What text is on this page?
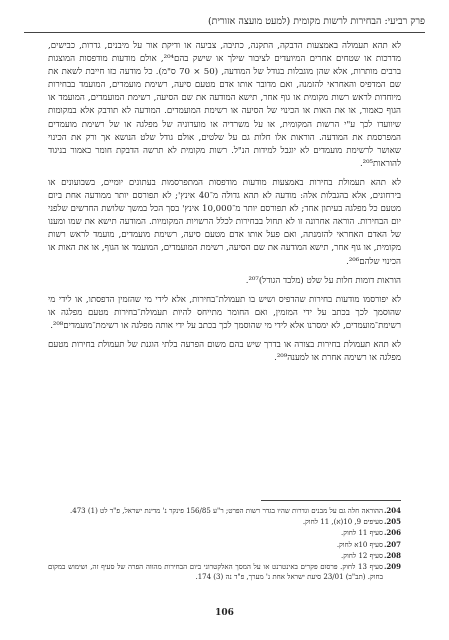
פרק רביעי: הבחירות לרשות מקומית (למעט מועצה אזורית)

לא תהא תעמולה באמצעות הדבקה, התקנה, כתיבה, צביעה או ודיקת אור על מיבנים, גדרות, כבישים, מדרכות או שטחים אחרים המיועדים לציבור שילך או שישק בהם²⁰⁴, אולם מודעות מודפסות המוצגות ברבים מותרות, אלא שהן מוגבלות בגודל של המודעה, (50 × 70 ס"מ). כל מודעה כזו חייבת לשאת את שם המדפיס והאחראי להזמנה, ואם מדובר אותו אדם מטעם סיעה, רשימת מועמדים, המועמד בבחירות מיוחדות לראש רשות מקומית או גוף אחר, תישא המודעה את שם הסיעה, רשימת המועמדים, המועמד או הגוף כאמור, או את האות או הכינוי של הסיעה או רשימת המועמדים. המודעה לא תודבק אלא במקומות שיוועדו לכך ע"י הרשות המקומית, או על משרדיה או מועדוניה של מפלגה או של רשימת מועמדים המפרסמת את המודעה. הוראות אלו חלות גם על שלטים, אולם גודל שלט הנושא אך ורק את הכינוי שאושר לרשימת מועמדים לא יוגבל למידות הנ"ל. רשות מקומית לא תרשה הדבקת חומר כאמור בניגוד להוראות²⁰⁵.

לא תהא תעמולת בחירות באמצעות מודעות מודפסות המתפרסמות בעתונים יומיים, בשבועונים או בירחונים, אלא בהגבלות אלה: מודעה לא תהא גדולה מ־40 אינץ'; לא תפורסם יותר ממודעה אחת ביום מטעם כל מפלגה בעיתון אחד; לא תפורסם יותר מ־10,000 אינץ' בסך הכל במשך שלושת החדשים שלפני יום הבחירות. הוראה אחרונה זו לא תחול בבחירות לכלל הרשויות המקומיות. המודעה תישא את שמו ומענו של האדם האחראי להזמנתה, ואם פעל אותו אדם מטעם סיעה, רשימת מועמדים, מועמד לראש רשות מקומית, או גוף אחר, תישא המודעה את שם הסיעה, רשימת המועמדים, המועמד או הגוף, או את האות או הכינוי שלהם²⁰⁶.

הוראות דומות חלות על שלט (מלבד הגודל)²⁰⁷.

לא יפורסמו מודעות בחירות שהדפיס ושיש בו תעמולת־בחירות, אלא לידי מי שהזמין הדפסתו, או לידי מי שהוסמך לכך בכתב על ידי המזמין, ואם החומר מתייחס להיות תעמולת־בחירות מטעם מפלגה או רשימת־מועמדים, לא ימסרנו אלא לידי מי שהוסמך לכך בכתב על ידי אותה מפלגה או רשימת־מועמדים²⁰⁸.

לא תהא תעמולת בחירות בצורה או בדרך שיש בהם משום הפרעה בלתי הוגנת של תעמולת בחירות מטעם מפלגה או רשימה אחרת או למענה²⁰⁹.

204.
ההוראה חלה גם על מבנים וגדרות שהיו בגדר רשות הפרט; ר"ע 156/85 פינקר נ' מדינת ישראל, פ"ד לט (1) 473.
205.
סעיפים 9, 10(א), 11 לחוק.
206.
סעיף 11 לחוק.
207.
סעיף 10א לחוק.
208.
סעיף 12 לחוק.
209.
סעיף 13 לחוק. פרסום פקרים באינטרנט או על המסך האלקטרוני ביום הבחירות מהווה הפרה של סעיף זה, ושימוש במקום בחוק. (תב"ב) 23/01 סיעת ישראל אחת נ' מערך, פ"ד נה (3) 174.
106
